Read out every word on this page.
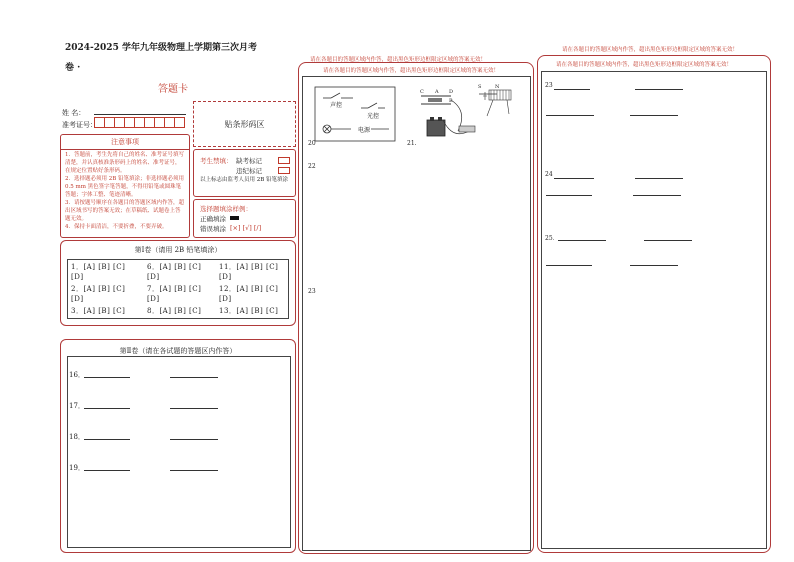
2024-2025 学年九年级物理上学期第三次月考
卷 ·
答题卡
姓 名：
准考证号：	贴条形码区
注意事项
1．答题前，考生先将自己的姓名、准考证号填写清楚，并认真核准条形码上的姓名、准考证号，在规定位置贴好条形码。
2．选择题必须用 2B 铅笔填涂；非选择题必须用 0.5 mm 黑色签字笔答题，不得用铅笔或圆珠笔答题；字体工整、笔迹清晰。
3．请按题号顺序在各题目的答题区域内作答，超出区域书写的答案无效；在草稿纸、试题卷上答题无效。
4．保持卡面清洁，不要折叠，不要弄破。
考生禁填： 缺考标记
违纪标记
以上标志由监考人员用 2B 铅笔填涂
选择题填涂样例：
正确填涂
错误填涂 [×] [√] [/]
第Ⅰ卷（请用 2B 铅笔填涂）
1．[A] [B] [C]	6．[A] [B] [C]	11．[A] [B] [C]
[D]	[D]	[D]
2．[A] [B] [C]	7．[A] [B] [C]	12．[A] [B] [C]
[D]	[D]	[D]
3．[A] [B] [C]	8．[A] [B] [C]	13．[A] [B] [C]
第Ⅱ卷（请在各试题的答题区内作答）
16．
17．
18．
19．
请在各题目的答题区域内作答，超出黑色矩形边框限定区域的答案无效！
请在各题目的答题区域内作答，超出黑色矩形边框限定区域的答案无效！
20
声控
光控
电源
21.
C A D
B
S	N
22
23
请在各题目的答题区域内作答，超出黑色矩形边框限定区域的答案无效！
请在各题目的答题区域内作答，超出黑色矩形边框限定区域的答案无效！
23
24
25．
